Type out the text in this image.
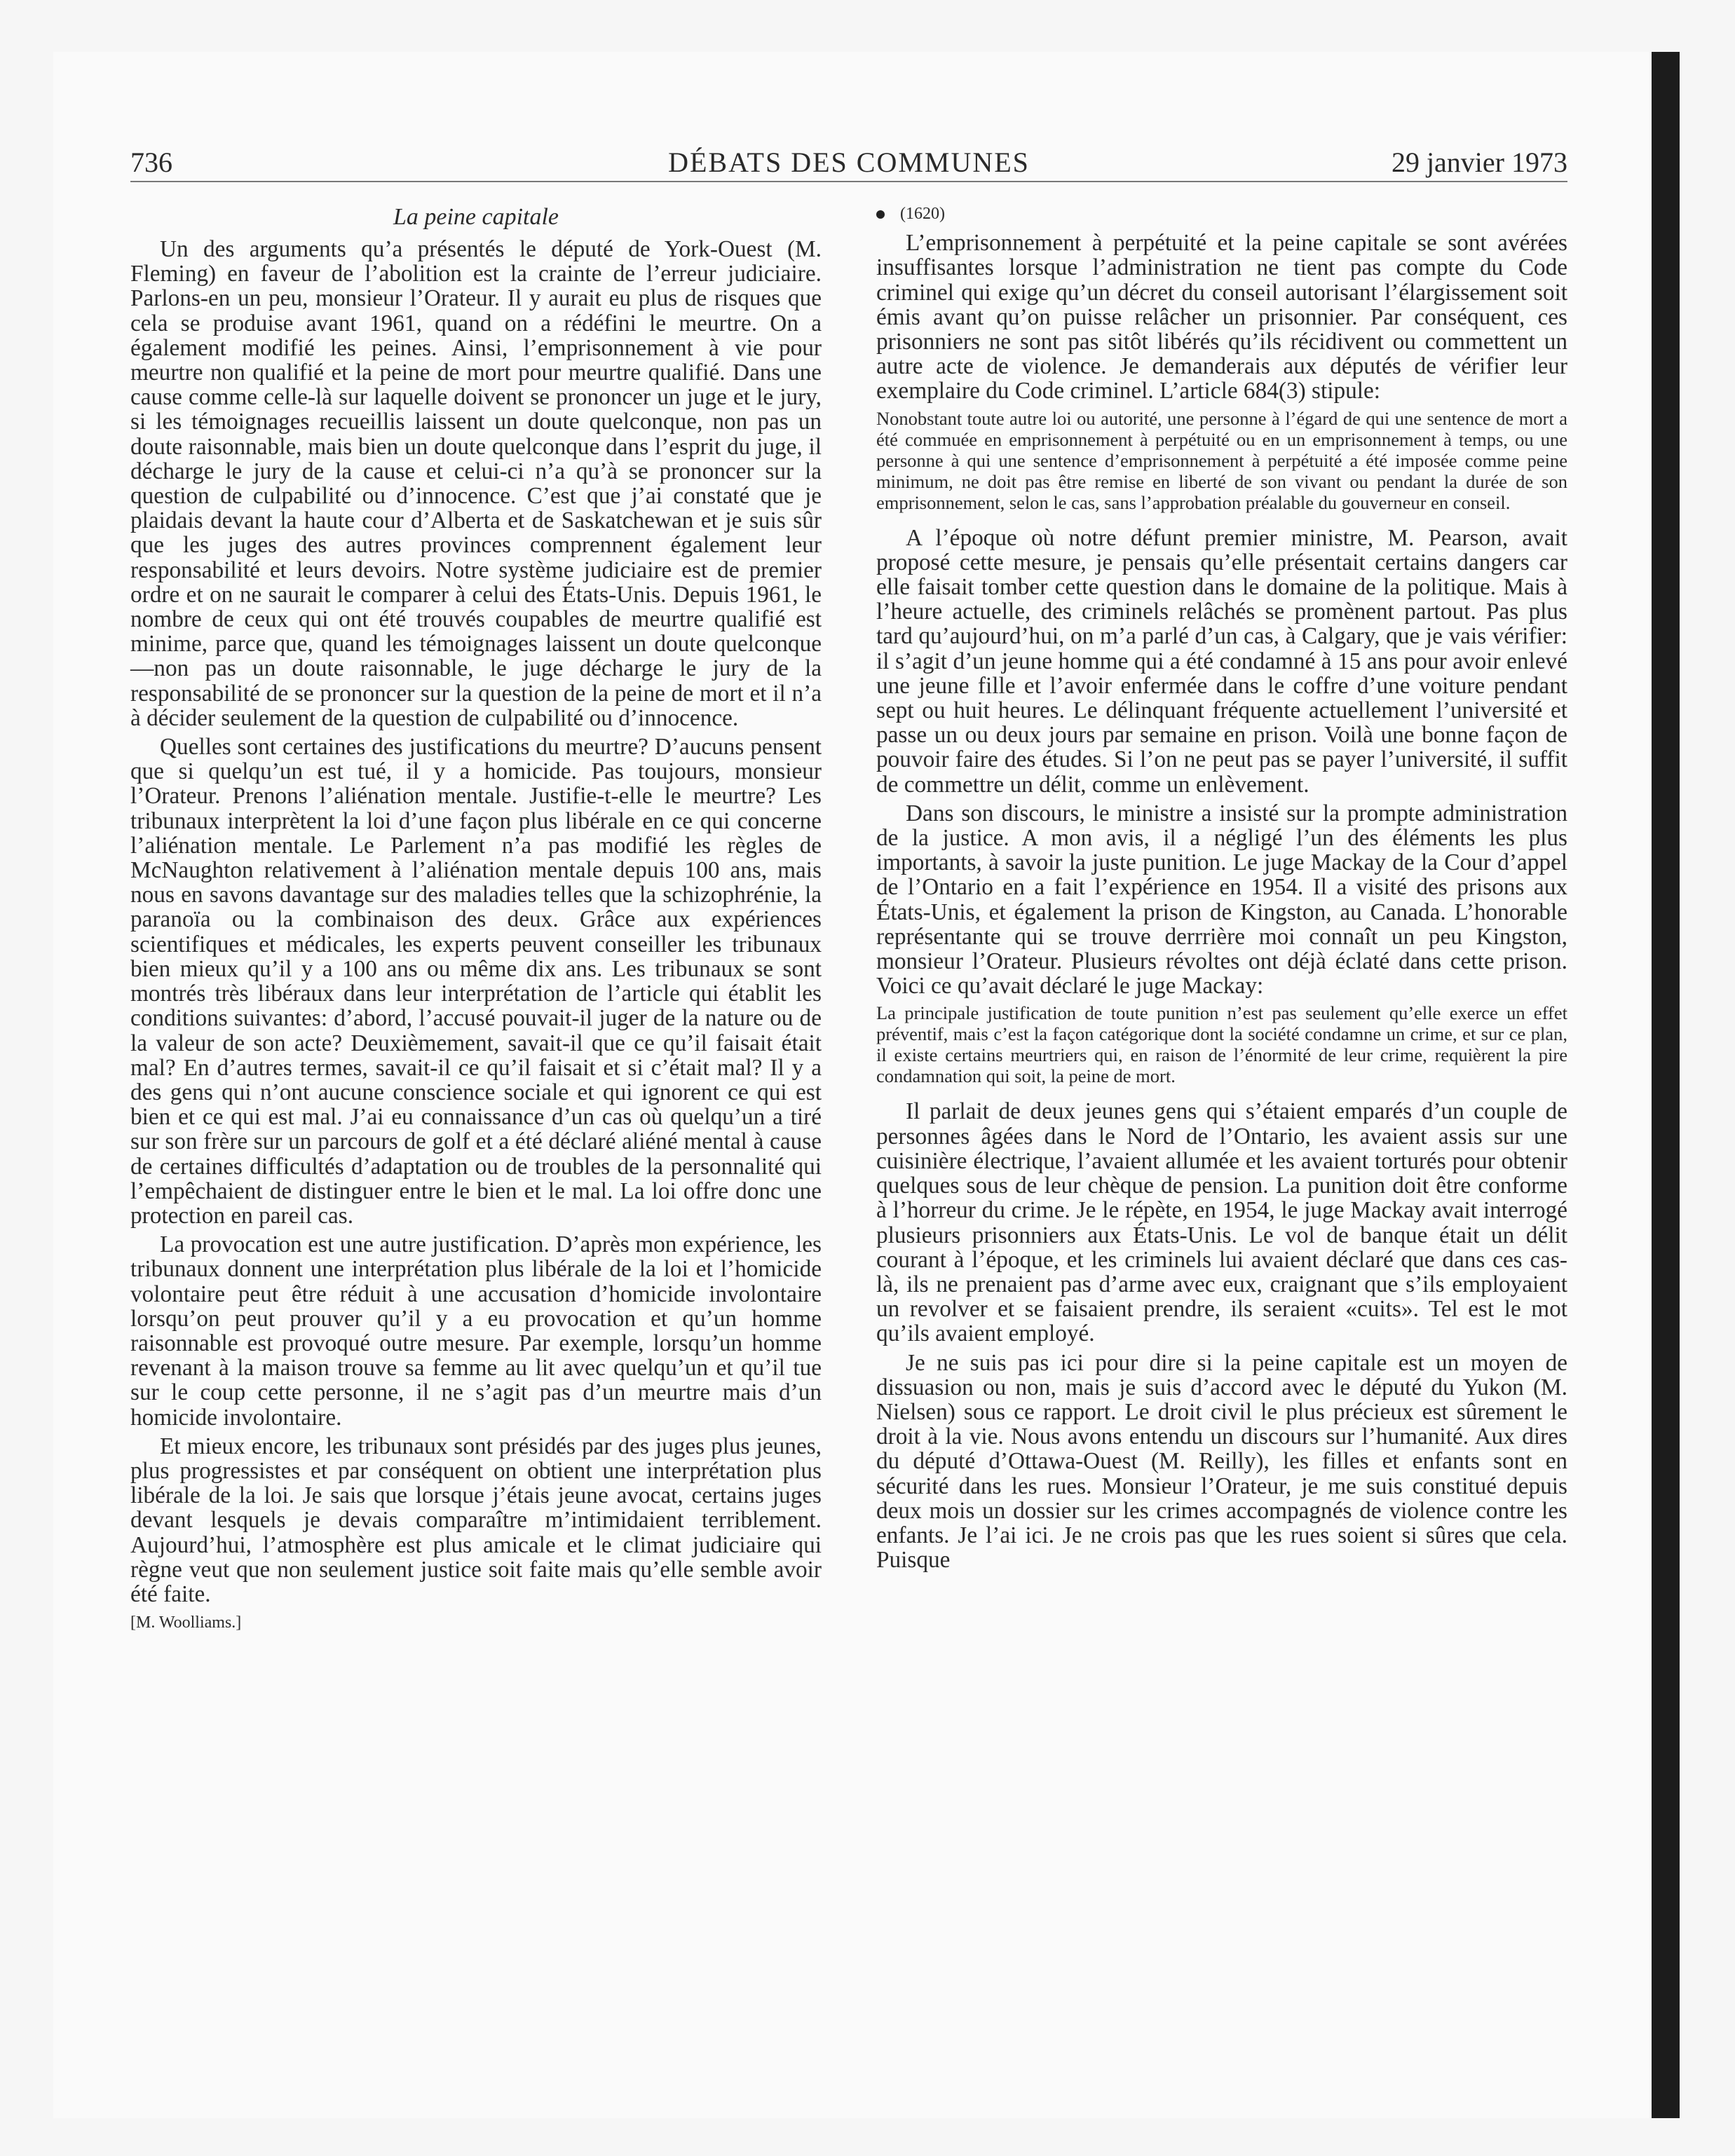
736	DÉBATS DES COMMUNES	29 janvier 1973
La peine capitale

Un des arguments qu’a présentés le député de York-Ouest (M. Fleming) en faveur de l’abolition est la crainte de l’erreur judiciaire. Parlons-en un peu, monsieur l’Orateur. Il y aurait eu plus de risques que cela se produise avant 1961, quand on a rédéfini le meurtre. On a également modifié les peines. Ainsi, l’emprisonnement à vie pour meurtre non qualifié et la peine de mort pour meurtre qualifié. Dans une cause comme celle-là sur laquelle doivent se prononcer un juge et le jury, si les témoignages recueillis laissent un doute quelconque, non pas un doute raisonnable, mais bien un doute quelconque dans l’esprit du juge, il décharge le jury de la cause et celui-ci n’a qu’à se prononcer sur la question de culpabilité ou d’innocence. C’est que j’ai constaté que je plaidais devant la haute cour d’Alberta et de Saskatchewan et je suis sûr que les juges des autres provinces comprennent également leur responsabilité et leurs devoirs. Notre système judiciaire est de premier ordre et on ne saurait le comparer à celui des États-Unis. Depuis 1961, le nombre de ceux qui ont été trouvés coupables de meurtre qualifié est minime, parce que, quand les témoignages laissent un doute quelconque—non pas un doute raisonnable, le juge décharge le jury de la responsabilité de se prononcer sur la question de la peine de mort et il n’a à décider seulement de la question de culpabilité ou d’innocence.

Quelles sont certaines des justifications du meurtre? D’aucuns pensent que si quelqu’un est tué, il y a homicide. Pas toujours, monsieur l’Orateur. Prenons l’aliénation mentale. Justifie-t-elle le meurtre? Les tribunaux interprètent la loi d’une façon plus libérale en ce qui concerne l’aliénation mentale. Le Parlement n’a pas modifié les règles de McNaughton relativement à l’aliénation mentale depuis 100 ans, mais nous en savons davantage sur des maladies telles que la schizophrénie, la paranoïa ou la combinaison des deux. Grâce aux expériences scientifiques et médicales, les experts peuvent conseiller les tribunaux bien mieux qu’il y a 100 ans ou même dix ans. Les tribunaux se sont montrés très libéraux dans leur interprétation de l’article qui établit les conditions suivantes: d’abord, l’accusé pouvait-il juger de la nature ou de la valeur de son acte? Deuxièmement, savait-il que ce qu’il faisait était mal? En d’autres termes, savait-il ce qu’il faisait et si c’était mal? Il y a des gens qui n’ont aucune conscience sociale et qui ignorent ce qui est bien et ce qui est mal. J’ai eu connaissance d’un cas où quelqu’un a tiré sur son frère sur un parcours de golf et a été déclaré aliéné mental à cause de certaines difficultés d’adaptation ou de troubles de la personnalité qui l’empêchaient de distinguer entre le bien et le mal. La loi offre donc une protection en pareil cas.

La provocation est une autre justification. D’après mon expérience, les tribunaux donnent une interprétation plus libérale de la loi et l’homicide volontaire peut être réduit à une accusation d’homicide involontaire lorsqu’on peut prouver qu’il y a eu provocation et qu’un homme raisonnable est provoqué outre mesure. Par exemple, lorsqu’un homme revenant à la maison trouve sa femme au lit avec quelqu’un et qu’il tue sur le coup cette personne, il ne s’agit pas d’un meurtre mais d’un homicide involontaire.

Et mieux encore, les tribunaux sont présidés par des juges plus jeunes, plus progressistes et par conséquent on obtient une interprétation plus libérale de la loi. Je sais que lorsque j’étais jeune avocat, certains juges devant lesquels je devais comparaître m’intimidaient terriblement. Aujourd’hui, l’atmosphère est plus amicale et le climat judiciaire qui règne veut que non seulement justice soit faite mais qu’elle semble avoir été faite.

[M. Woolliams.]

(1620)

L’emprisonnement à perpétuité et la peine capitale se sont avérées insuffisantes lorsque l’administration ne tient pas compte du Code criminel qui exige qu’un décret du conseil autorisant l’élargissement soit émis avant qu’on puisse relâcher un prisonnier. Par conséquent, ces prisonniers ne sont pas sitôt libérés qu’ils récidivent ou commettent un autre acte de violence. Je demanderais aux députés de vérifier leur exemplaire du Code criminel. L’article 684(3) stipule:

Nonobstant toute autre loi ou autorité, une personne à l’égard de qui une sentence de mort a été commuée en emprisonnement à perpétuité ou en un emprisonnement à temps, ou une personne à qui une sentence d’emprisonnement à perpétuité a été imposée comme peine minimum, ne doit pas être remise en liberté de son vivant ou pendant la durée de son emprisonnement, selon le cas, sans l’approbation préalable du gouverneur en conseil.

A l’époque où notre défunt premier ministre, M. Pearson, avait proposé cette mesure, je pensais qu’elle présentait certains dangers car elle faisait tomber cette question dans le domaine de la politique. Mais à l’heure actuelle, des criminels relâchés se promènent partout. Pas plus tard qu’aujourd’hui, on m’a parlé d’un cas, à Calgary, que je vais vérifier: il s’agit d’un jeune homme qui a été condamné à 15 ans pour avoir enlevé une jeune fille et l’avoir enfermée dans le coffre d’une voiture pendant sept ou huit heures. Le délinquant fréquente actuellement l’université et passe un ou deux jours par semaine en prison. Voilà une bonne façon de pouvoir faire des études. Si l’on ne peut pas se payer l’université, il suffit de commettre un délit, comme un enlèvement.

Dans son discours, le ministre a insisté sur la prompte administration de la justice. A mon avis, il a négligé l’un des éléments les plus importants, à savoir la juste punition. Le juge Mackay de la Cour d’appel de l’Ontario en a fait l’expérience en 1954. Il a visité des prisons aux États-Unis, et également la prison de Kingston, au Canada. L’honorable représentante qui se trouve derrrière moi connaît un peu Kingston, monsieur l’Orateur. Plusieurs révoltes ont déjà éclaté dans cette prison. Voici ce qu’avait déclaré le juge Mackay:

La principale justification de toute punition n’est pas seulement qu’elle exerce un effet préventif, mais c’est la façon catégorique dont la société condamne un crime, et sur ce plan, il existe certains meurtriers qui, en raison de l’énormité de leur crime, requièrent la pire condamnation qui soit, la peine de mort.

Il parlait de deux jeunes gens qui s’étaient emparés d’un couple de personnes âgées dans le Nord de l’Ontario, les avaient assis sur une cuisinière électrique, l’avaient allumée et les avaient torturés pour obtenir quelques sous de leur chèque de pension. La punition doit être conforme à l’horreur du crime. Je le répète, en 1954, le juge Mackay avait interrogé plusieurs prisonniers aux États-Unis. Le vol de banque était un délit courant à l’époque, et les criminels lui avaient déclaré que dans ces cas-là, ils ne prenaient pas d’arme avec eux, craignant que s’ils employaient un revolver et se faisaient prendre, ils seraient «cuits». Tel est le mot qu’ils avaient employé.

Je ne suis pas ici pour dire si la peine capitale est un moyen de dissuasion ou non, mais je suis d’accord avec le député du Yukon (M. Nielsen) sous ce rapport. Le droit civil le plus précieux est sûrement le droit à la vie. Nous avons entendu un discours sur l’humanité. Aux dires du député d’Ottawa-Ouest (M. Reilly), les filles et enfants sont en sécurité dans les rues. Monsieur l’Orateur, je me suis constitué depuis deux mois un dossier sur les crimes accompagnés de violence contre les enfants. Je l’ai ici. Je ne crois pas que les rues soient si sûres que cela. Puisque
